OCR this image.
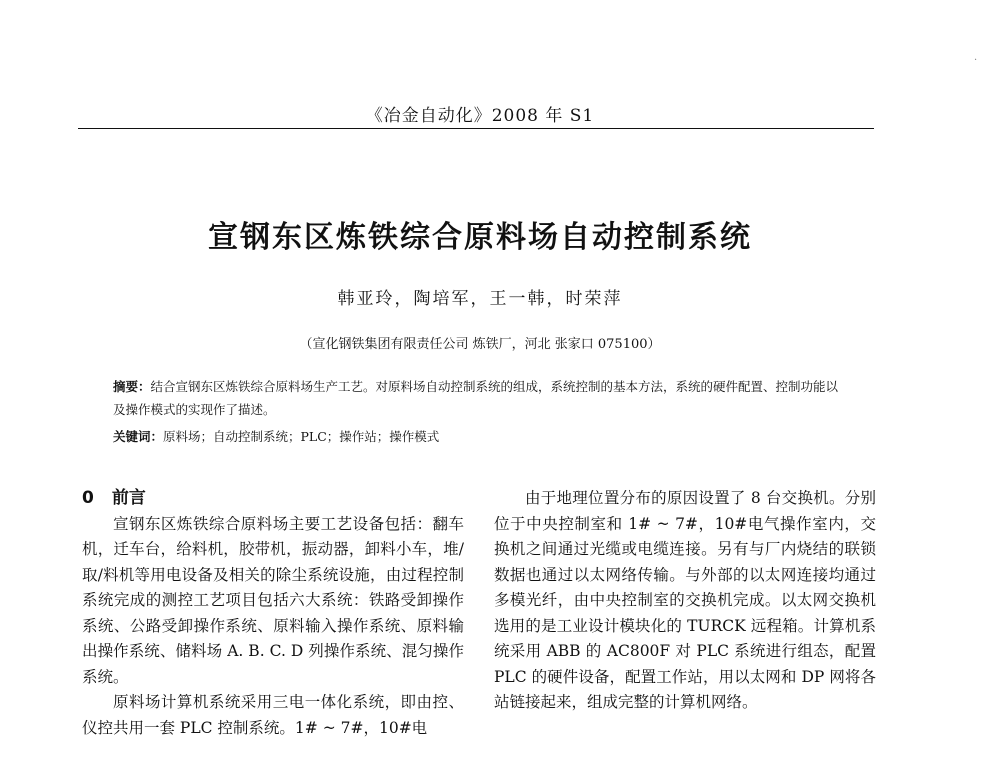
·
《冶金自动化》2008 年 S1
宣钢东区炼铁综合原料场自动控制系统
韩亚玲，陶培军，王一韩，时荣萍
（宣化钢铁集团有限责任公司 炼铁厂，河北 张家口 075100）
摘要：结合宣钢东区炼铁综合原料场生产工艺。对原料场自动控制系统的组成，系统控制的基本方法，系统的硬件配置、控制功能以及操作模式的实现作了描述。
关键词：原料场；自动控制系统；PLC；操作站；操作模式
0 前言

宣钢东区炼铁综合原料场主要工艺设备包括：翻车机，迁车台，给料机，胶带机，振动器，卸料小车，堆/取/料机等用电设备及相关的除尘系统设施，由过程控制系统完成的测控工艺项目包括六大系统：铁路受卸操作系统、公路受卸操作系统、原料输入操作系统、原料输出操作系统、储料场 A. B. C. D 列操作系统、混匀操作系统。

原料场计算机系统采用三电一体化系统，即由控、仪控共用一套 PLC 控制系统。1# ~ 7#，10#电

由于地理位置分布的原因设置了 8 台交换机。分别位于中央控制室和 1# ~ 7#，10#电气操作室内，交换机之间通过光缆或电缆连接。另有与厂内烧结的联锁数据也通过以太网络传输。与外部的以太网连接均通过多模光纤，由中央控制室的交换机完成。以太网交换机选用的是工业设计模块化的 TURCK 远程箱。计算机系统采用 ABB 的 AC800F 对 PLC 系统进行组态，配置 PLC 的硬件设备，配置工作站，用以太网和 DP 网将各站链接起来，组成完整的计算机网络。
